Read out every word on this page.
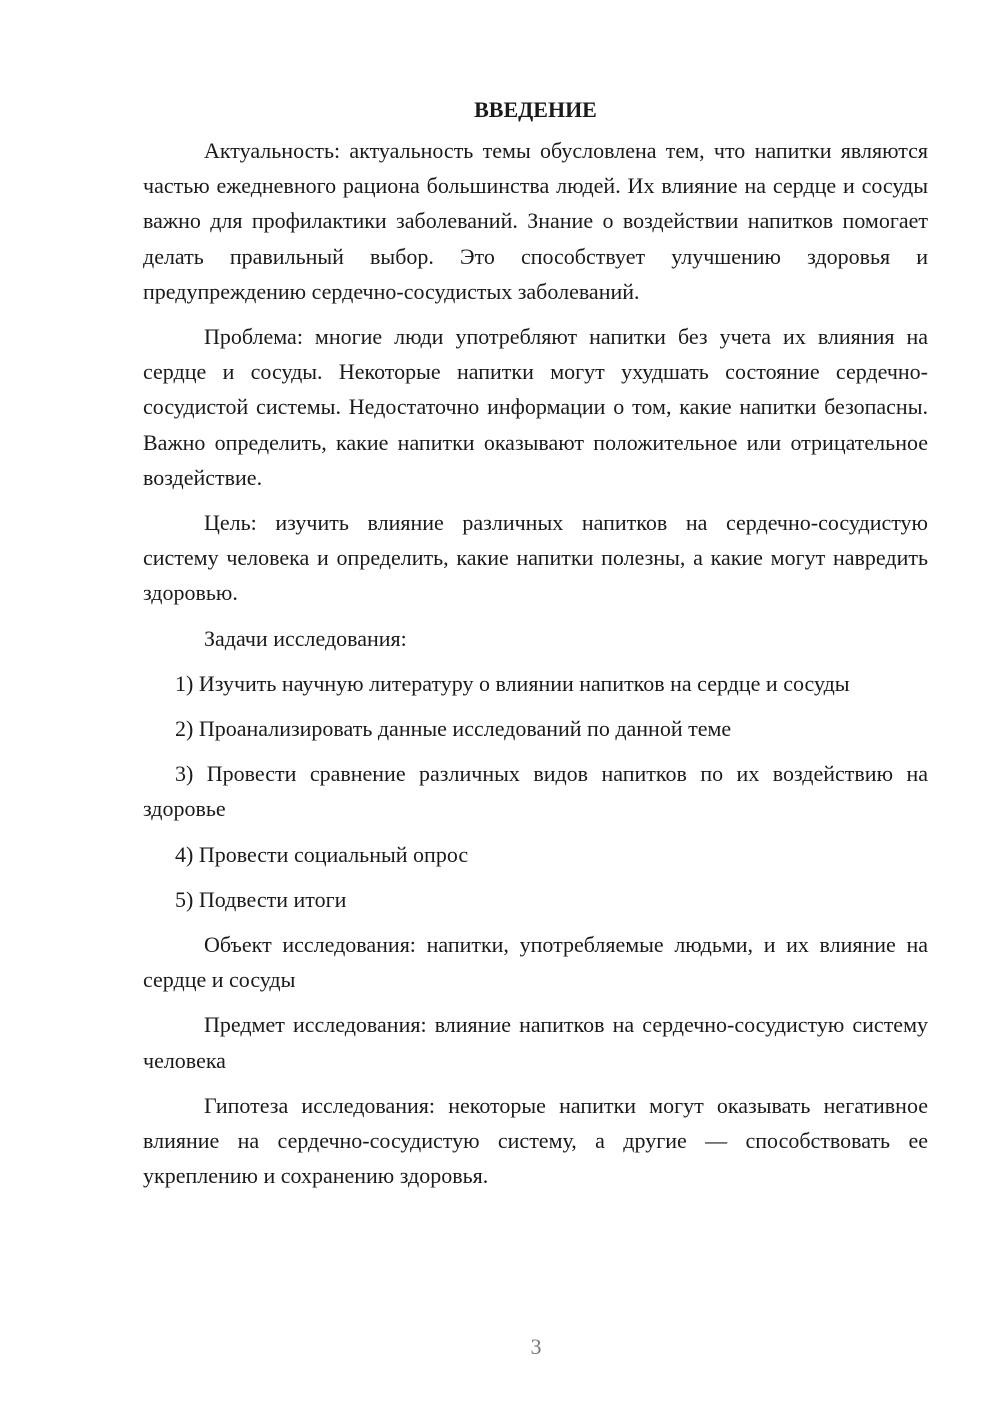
ВВЕДЕНИЕ

Актуальность: актуальность темы обусловлена тем, что напитки являются частью ежедневного рациона большинства людей. Их влияние на сердце и сосуды важно для профилактики заболеваний. Знание о воздействии напитков помогает делать правильный выбор. Это способствует улучшению здоровья и предупреждению сердечно-сосудистых заболеваний.

Проблема: многие люди употребляют напитки без учета их влияния на сердце и сосуды. Некоторые напитки могут ухудшать состояние сердечно-сосудистой системы. Недостаточно информации о том, какие напитки безопасны. Важно определить, какие напитки оказывают положительное или отрицательное воздействие.

Цель: изучить влияние различных напитков на сердечно-сосудистую систему человека и определить, какие напитки полезны, а какие могут навредить здоровью.

Задачи исследования:

1) Изучить научную литературу о влиянии напитков на сердце и сосуды

2) Проанализировать данные исследований по данной теме

3) Провести сравнение различных видов напитков по их воздействию на здоровье

4) Провести социальный опрос

5) Подвести итоги

Объект исследования: напитки, употребляемые людьми, и их влияние на сердце и сосуды

Предмет исследования: влияние напитков на сердечно-сосудистую систему человека

Гипотеза исследования: некоторые напитки могут оказывать негативное влияние на сердечно-сосудистую систему, а другие — способствовать ее укреплению и сохранению здоровья.

3
